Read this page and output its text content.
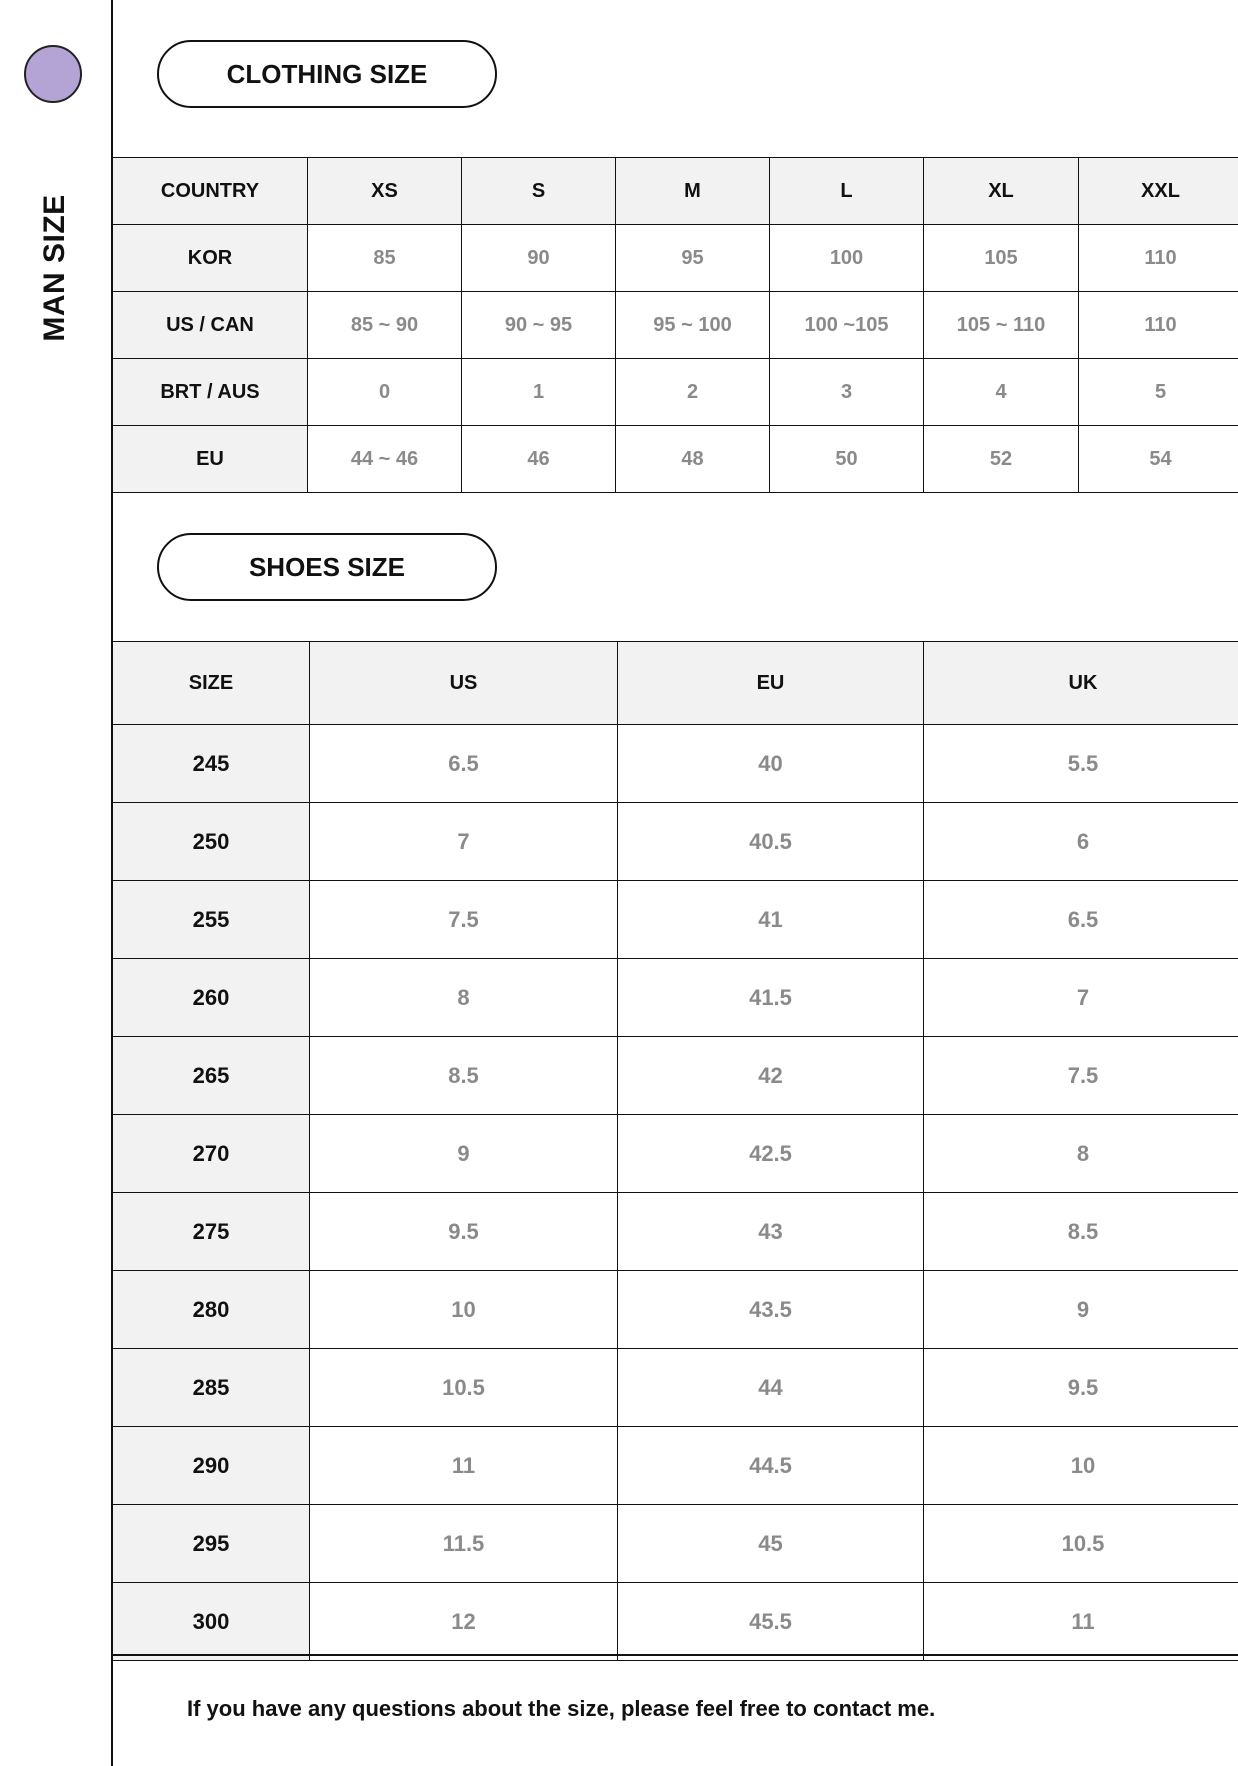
MAN SIZE
CLOTHING SIZE
COUNTRY	XS	S	M	L	XL	XXL
KOR	85	90	95	100	105	110
US / CAN	85 ~ 90	90 ~ 95	95 ~ 100	100 ~105	105 ~ 110	110
BRT / AUS	0	1	2	3	4	5
EU	44 ~ 46	46	48	50	52	54
SHOES SIZE
SIZE	US	EU	UK
245	6.5	40	5.5
250	7	40.5	6
255	7.5	41	6.5
260	8	41.5	7
265	8.5	42	7.5
270	9	42.5	8
275	9.5	43	8.5
280	10	43.5	9
285	10.5	44	9.5
290	11	44.5	10
295	11.5	45	10.5
300	12	45.5	11
If you have any questions about the size, please feel free to contact me.
